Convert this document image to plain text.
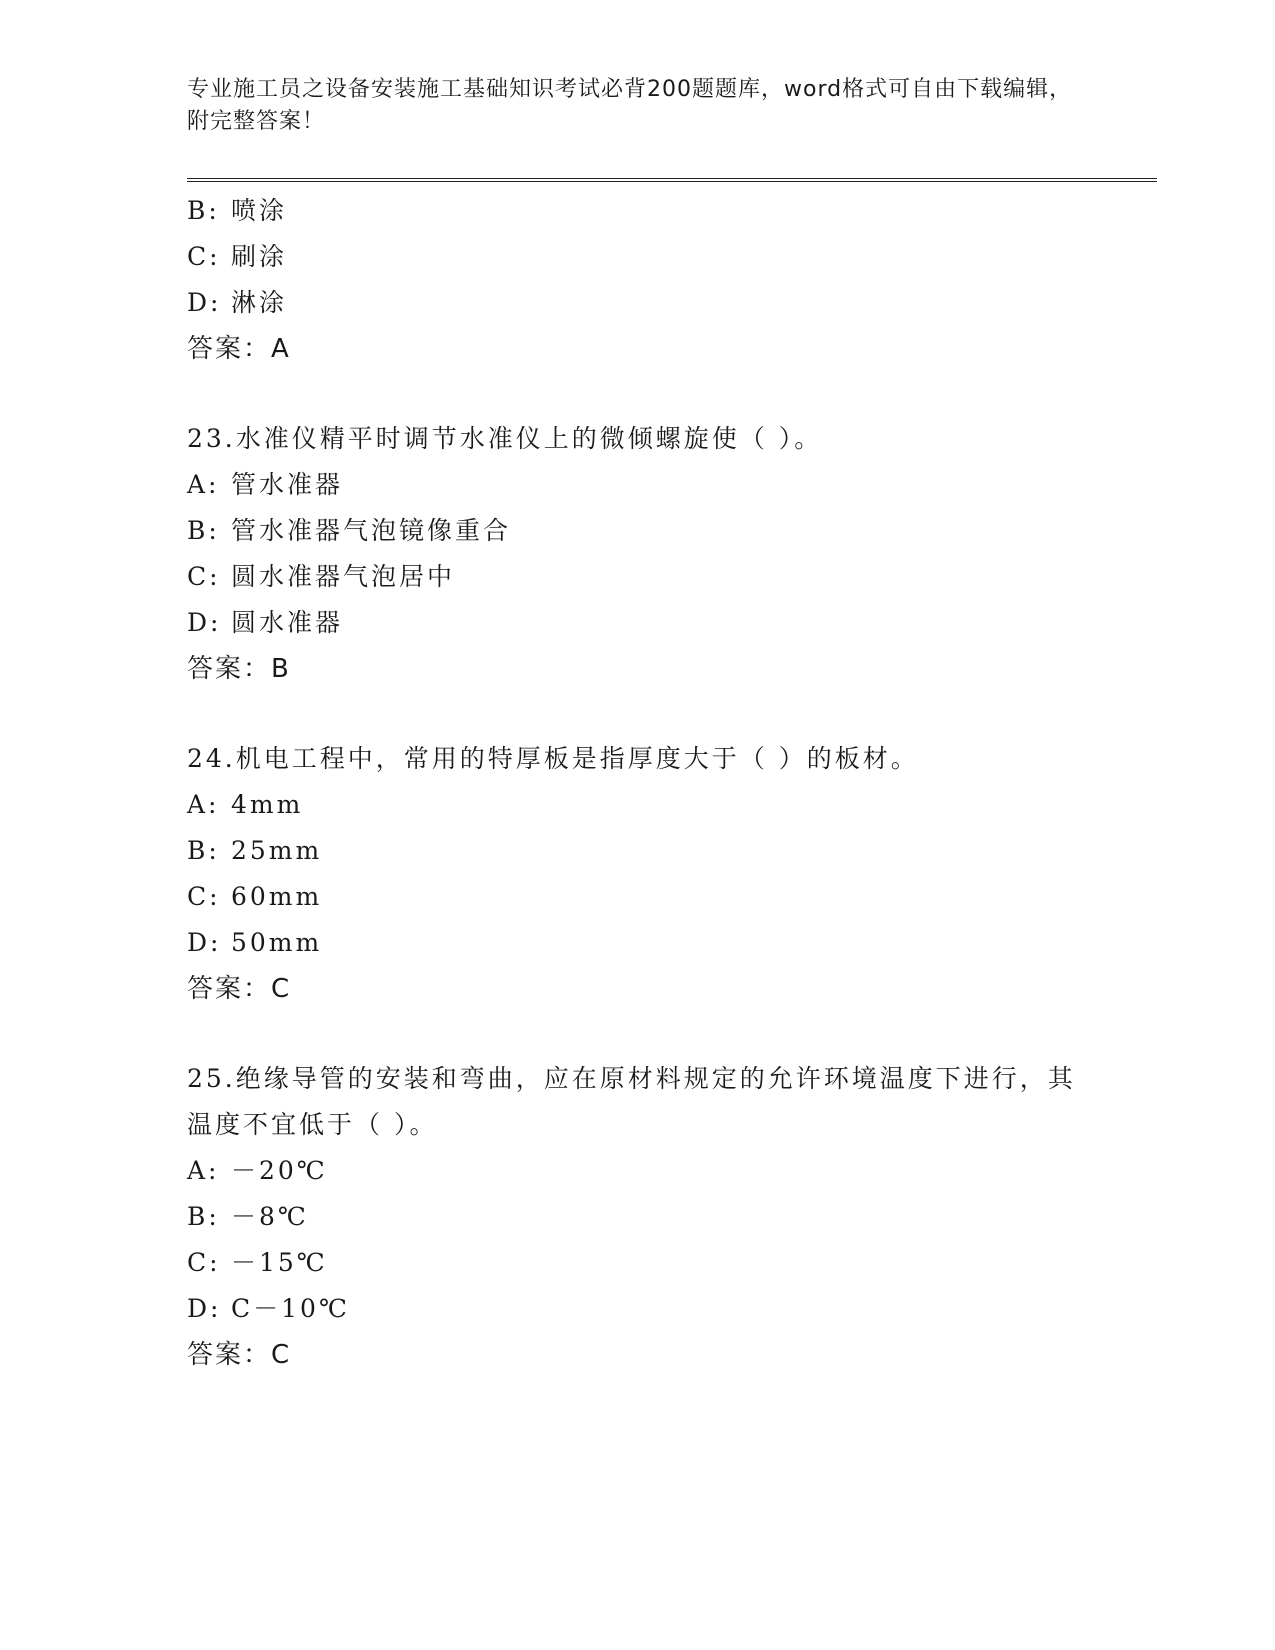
专业施工员之设备安装施工基础知识考试必背200题题库，word格式可自由下载编辑，附完整答案！
B: 喷涂
C: 刷涂
D: 淋涂
答案：A
23.水准仪精平时调节水准仪上的微倾螺旋使（ ）。
A: 管水准器
B: 管水准器气泡镜像重合
C: 圆水准器气泡居中
D: 圆水准器
答案：B
24.机电工程中，常用的特厚板是指厚度大于（ ）的板材。
A: 4mm
B: 25mm
C: 60mm
D: 50mm
答案：C
25.绝缘导管的安装和弯曲，应在原材料规定的允许环境温度下进行，其温度不宜低于（ ）。
A: －20℃
B: －8℃
C: －15℃
D: C－10℃
答案：C
